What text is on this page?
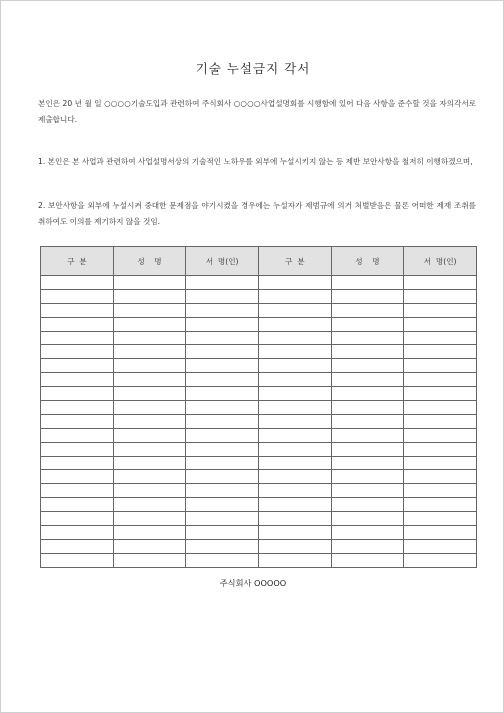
기술 누설금지 각서
본인은 20 년 월 일 ○○○○기술도입과 관련하여 주식회사 ○○○○사업설명회를 시행함에 있어 다음 사항을 준수할 것을 자의각서로 제출합니다.
1. 본인은 본 사업과 관련하여 사업설명서상의 기술적인 노하우를 외부에 누설시키지 않는 등 제반 보안사항을 철저히 이행하겠으며,
2. 보안사항을 외부에 누설시켜 중대한 문제점을 야기시켰을 경우에는 누설자가 제범규에 의거 처벌받음은 물론 어떠한 제재 조취를 취하여도 이의를 제기하지 않을 것임.
구  분	성    명	서  명(인)	구  분	성    명	서  명(인)

주식회사 OOOOO
